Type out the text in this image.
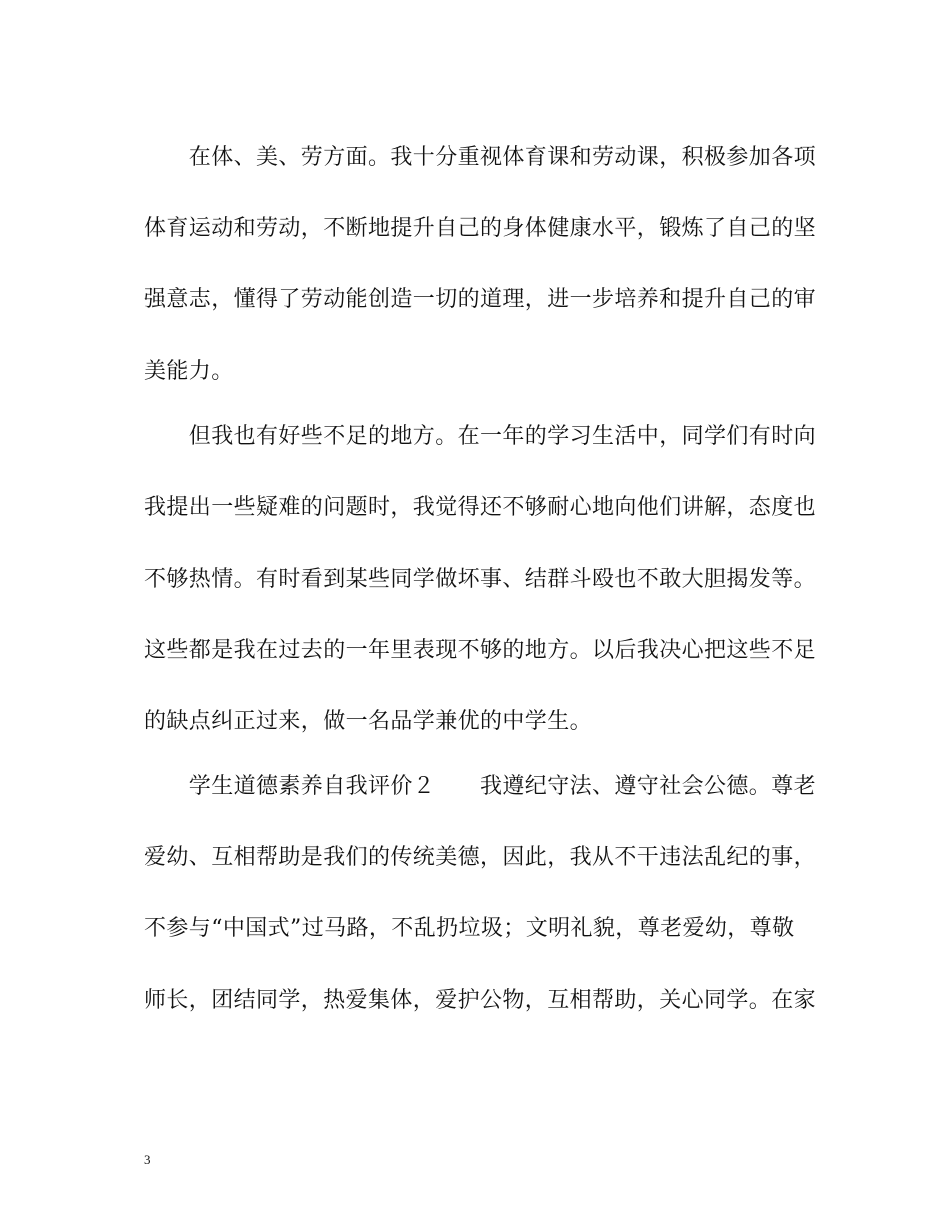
　　在体、美、劳方面。我十分重视体育课和劳动课，积极参加各项
体育运动和劳动，不断地提升自己的身体健康水平，锻炼了自己的坚
强意志，懂得了劳动能创造一切的道理，进一步培养和提升自己的审
美能力。
　　但我也有好些不足的地方。在一年的学习生活中，同学们有时向
我提出一些疑难的问题时，我觉得还不够耐心地向他们讲解，态度也
不够热情。有时看到某些同学做坏事、结群斗殴也不敢大胆揭发等。
这些都是我在过去的一年里表现不够的地方。以后我决心把这些不足
的缺点纠正过来，做一名品学兼优的中学生。
　　学生道德素养自我评价２　　我遵纪守法、遵守社会公德。尊老
爱幼、互相帮助是我们的传统美德，因此，我从不干违法乱纪的事，
不参与“中国式”过马路，不乱扔垃圾；文明礼貌，尊老爱幼，尊敬
师长，团结同学，热爱集体，爱护公物，互相帮助，关心同学。在家
3
